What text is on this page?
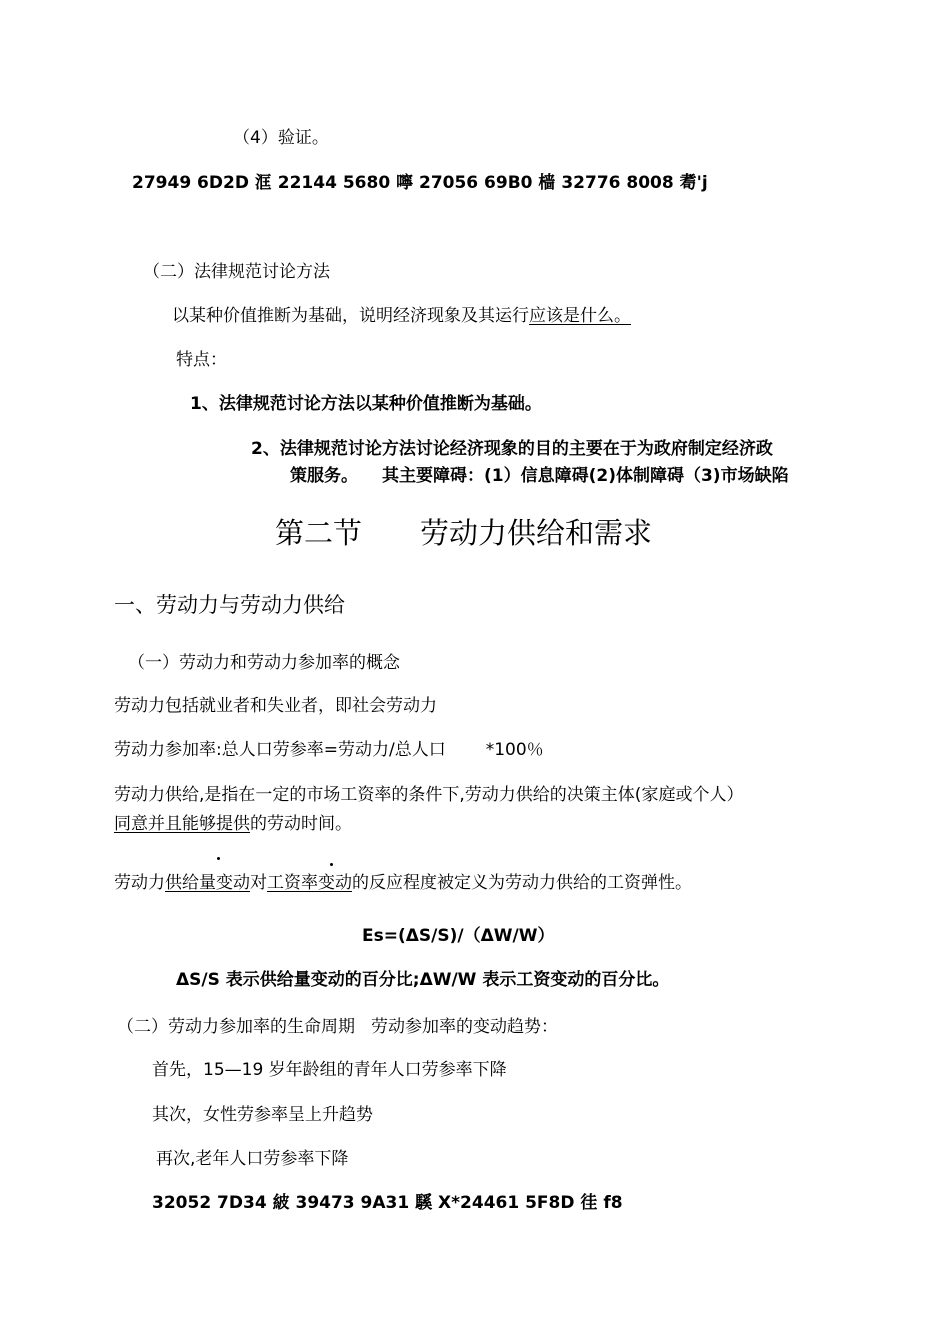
（4）验证。
27949 6D2D 洭 22144 5680 嚀 27056 69B0 樯 32776 8008 耈'j
（二）法律规范讨论方法
以某种价值推断为基础，说明经济现象及其运行应该是什么。
特点：
1、法律规范讨论方法以某种价值推断为基础。
2、法律规范讨论方法讨论经济现象的目的主要在于为政府制定经济政
策服务。 其主要障碍：(1）信息障碍(2)体制障碍（3)市场缺陷
第二节 劳动力供给和需求
一、劳动力与劳动力供给
（一）劳动力和劳动力参加率的概念
劳动力包括就业者和失业者，即社会劳动力
劳动力参加率:总人口劳参率=劳动力/总人口 *100％
劳动力供给,是指在一定的市场工资率的条件下,劳动力供给的决策主体(家庭或个人）
同意并且能够提供的劳动时间。
劳动力供给量变动对工资率变动的反应程度被定义为劳动力供给的工资弹性。
Es=(ΔS/S)/（ΔW/W）
ΔS/S 表示供给量变动的百分比;ΔW/W 表示工资变动的百分比。
（二）劳动力参加率的生命周期 劳动参加率的变动趋势：
首先，15—19 岁年龄组的青年人口劳参率下降
其次，女性劳参率呈上升趋势
再次,老年人口劳参率下降
32052 7D34 紴 39473 9A31 騱 X*24461 5F8D 徍 f8
